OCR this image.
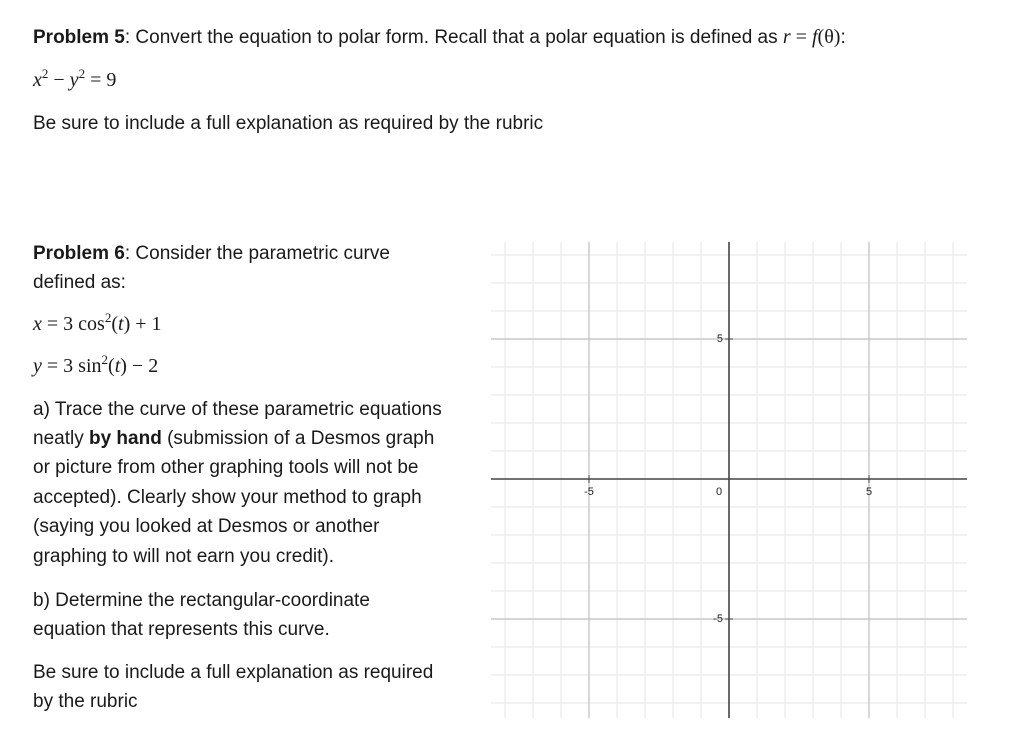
Problem 5: Convert the equation to polar form. Recall that a polar equation is defined as r = f(θ):
$x^2 - y^2 = 9$
Be sure to include a full explanation as required by the rubric
Problem 6: Consider the parametric curve
defined as:
x = 3 $\cos^2(t) + 1$
y = 3 $\sin^2(t) - 2$
a) Trace the curve of these parametric equations
neatly by hand (submission of a Desmos graph
or picture from other graphing tools will not be
accepted). Clearly show your method to graph
(saying you looked at Desmos or another
graphing to will not earn you credit).
b) Determine the rectangular-coordinate
equation that represents this curve.
Be sure to include a full explanation as required
by the rubric
-5	0	5
5
-5
